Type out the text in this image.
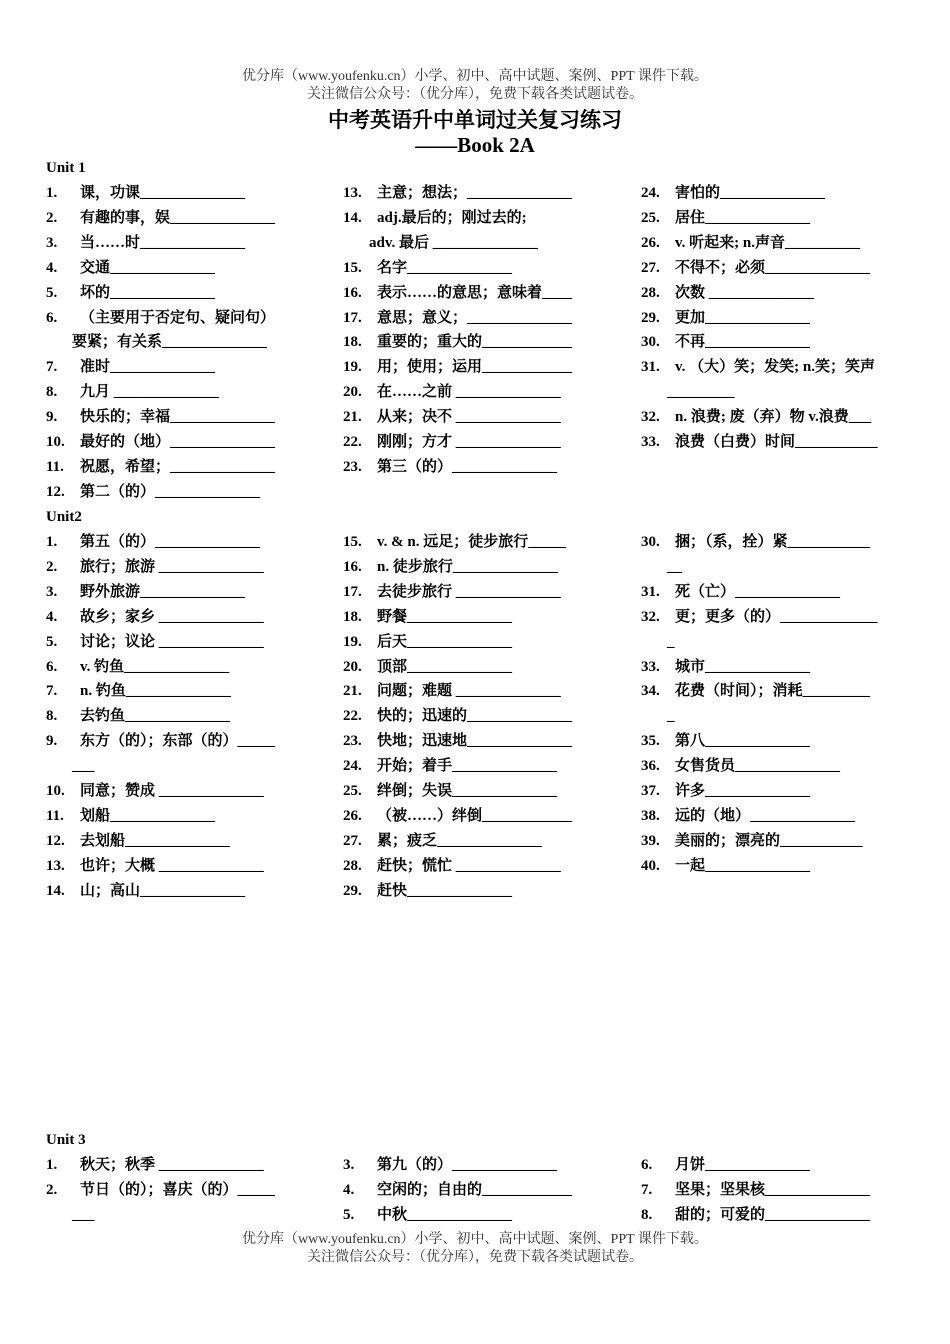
优分库（www.youfenku.cn）小学、初中、高中试题、案例、PPT 课件下载。
关注微信公众号：（优分库），免费下载各类试题试卷。
中考英语升中单词过关复习练习
——Book 2A
Unit 1
Unit2
Unit 3
1. 课，功课______________
2. 有趣的事，娱______________
3. 当……时______________
4. 交通______________
5. 坏的______________
6. （主要用于否定句、疑问句）
要紧；有关系______________
7. 准时______________
8. 九月 ______________
9. 快乐的；幸福______________
10. 最好的（地）______________
11. 祝愿，希望；______________
12. 第二（的）______________
13. 主意；想法；______________
14. adj.最后的；刚过去的;
adv. 最后 ______________
15. 名字______________
16. 表示……的意思；意味着____
17. 意思；意义；______________
18. 重要的；重大的____________
19. 用；使用；运用____________
20. 在……之前 ______________
21. 从来；决不 ______________
22. 刚刚；方才 ______________
23. 第三（的）______________
24. 害怕的______________
25. 居住______________
26. v. 听起来; n.声音__________
27. 不得不；必须______________
28. 次数 ______________
29. 更加______________
30. 不再______________
31. v. （大）笑；发笑; n.笑；笑声
_________
32. n. 浪费; 废（弃）物 v.浪费___
33. 浪费（白费）时间___________
1. 第五（的）______________
2. 旅行；旅游 ______________
3. 野外旅游______________
4. 故乡；家乡 ______________
5. 讨论；议论 ______________
6. v. 钓鱼______________
7. n. 钓鱼______________
8. 去钓鱼______________
9. 东方（的）；东部（的）_____
___
10. 同意；赞成 ______________
11. 划船______________
12. 去划船______________
13. 也许；大概 ______________
14. 山；高山______________
15. v. & n. 远足；徒步旅行_____
16. n. 徒步旅行______________
17. 去徒步旅行 ______________
18. 野餐______________
19. 后天______________
20. 顶部______________
21. 问题；难题 ______________
22. 快的；迅速的______________
23. 快地；迅速地______________
24. 开始；着手______________
25. 绊倒；失误______________
26. （被……）绊倒____________
27. 累；疲乏______________
28. 赶快；慌忙 ______________
29. 赶快______________
30. 捆；（系，拴）紧___________
__
31. 死（亡）______________
32. 更；更多（的）_____________
_
33. 城市______________
34. 花费（时间）；消耗_________
_
35. 第八______________
36. 女售货员______________
37. 许多______________
38. 远的（地）______________
39. 美丽的；漂亮的___________
40. 一起______________
1. 秋天；秋季 ______________
2. 节日（的）；喜庆（的）_____
___
3. 第九（的）______________
4. 空闲的；自由的____________
5. 中秋______________
6. 月饼______________
7. 坚果；坚果核______________
8. 甜的；可爱的______________
优分库（www.youfenku.cn）小学、初中、高中试题、案例、PPT 课件下载。
关注微信公众号：（优分库），免费下载各类试题试卷。
